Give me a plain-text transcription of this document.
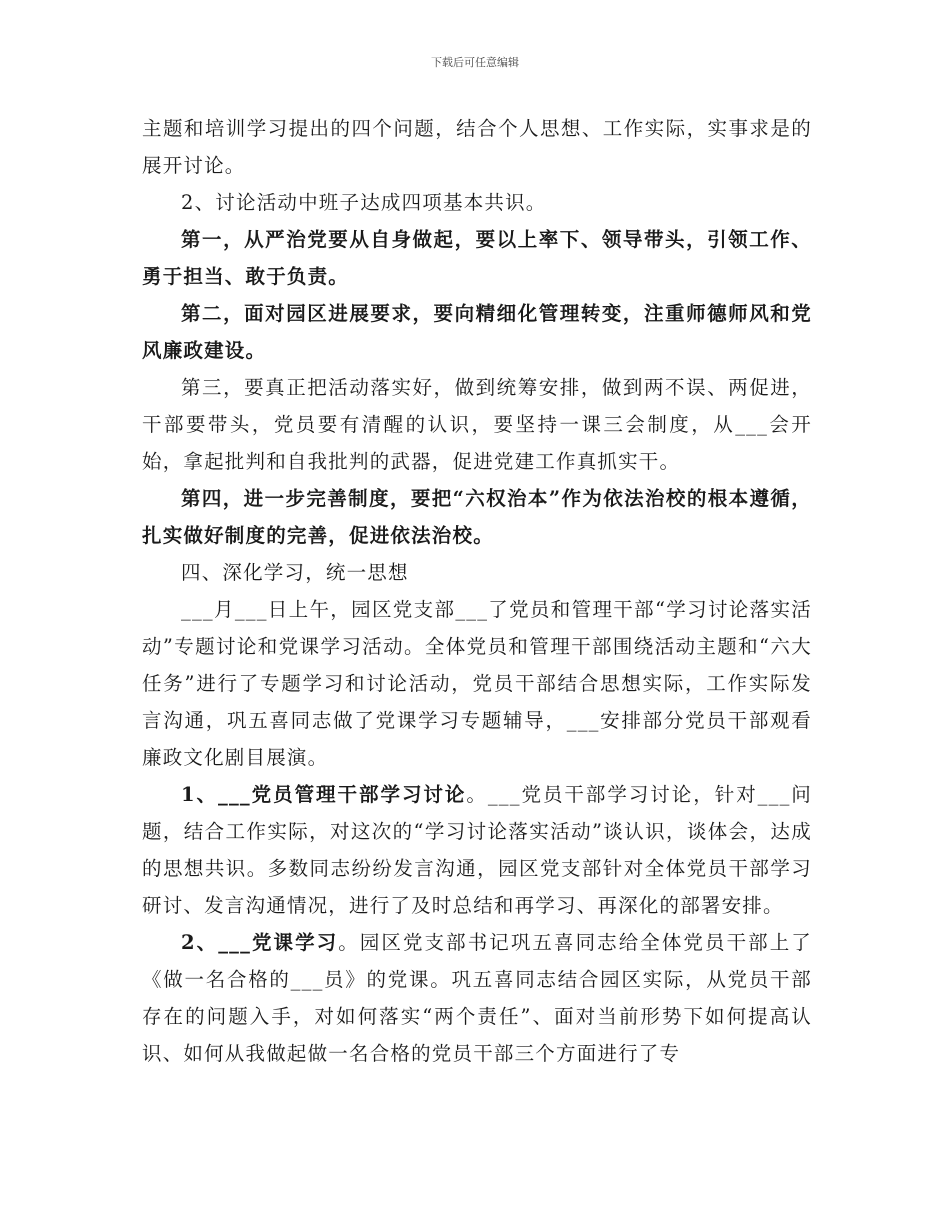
下载后可任意编辑

主题和培训学习提出的四个问题，结合个人思想、工作实际，实事求是的展开讨论。

2、讨论活动中班子达成四项基本共识。

第一，从严治党要从自身做起，要以上率下、领导带头，引领工作、勇于担当、敢于负责。

第二，面对园区进展要求，要向精细化管理转变，注重师德师风和党风廉政建设。

第三，要真正把活动落实好，做到统筹安排，做到两不误、两促进，干部要带头，党员要有清醒的认识，要坚持一课三会制度，从___会开始，拿起批判和自我批判的武器，促进党建工作真抓实干。

第四，进一步完善制度，要把“六权治本”作为依法治校的根本遵循，扎实做好制度的完善，促进依法治校。

四、深化学习，统一思想

___月___日上午，园区党支部___了党员和管理干部“学习讨论落实活动”专题讨论和党课学习活动。全体党员和管理干部围绕活动主题和“六大任务”进行了专题学习和讨论活动，党员干部结合思想实际，工作实际发言沟通，巩五喜同志做了党课学习专题辅导，___安排部分党员干部观看廉政文化剧目展演。

1、___党员管理干部学习讨论。___党员干部学习讨论，针对___问题，结合工作实际，对这次的“学习讨论落实活动”谈认识，谈体会，达成的思想共识。多数同志纷纷发言沟通，园区党支部针对全体党员干部学习研讨、发言沟通情况，进行了及时总结和再学习、再深化的部署安排。

2、___党课学习。园区党支部书记巩五喜同志给全体党员干部上了《做一名合格的___员》的党课。巩五喜同志结合园区实际，从党员干部存在的问题入手，对如何落实“两个责任”、面对当前形势下如何提高认识、如何从我做起做一名合格的党员干部三个方面进行了专
